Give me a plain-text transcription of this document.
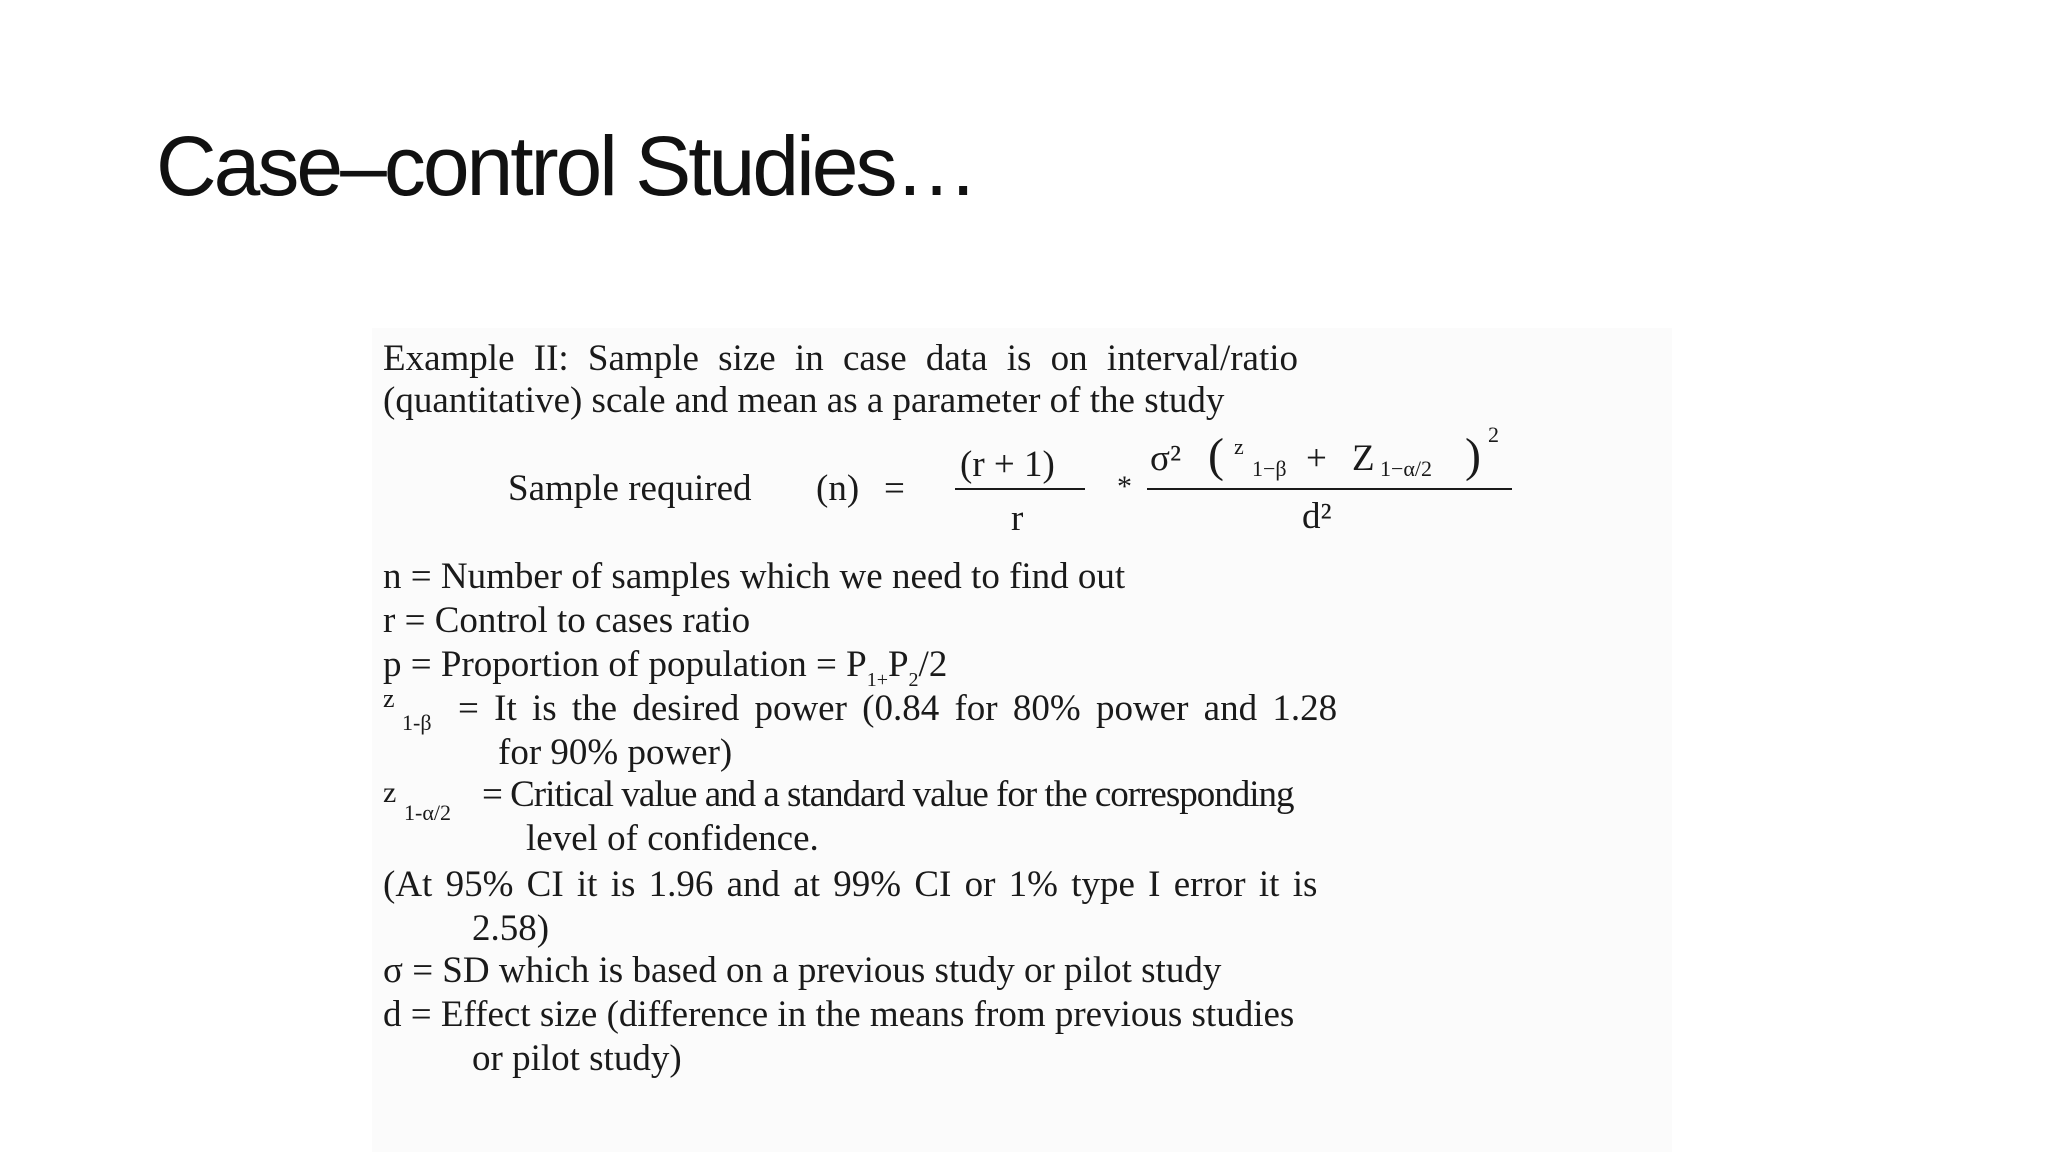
Case–control Studies…
Example II: Sample size in case data is on interval/ratio
(quantitative) scale and mean as a parameter of the study
Sample required (n) =
(r + 1)
r
*
σ² ( z
1−β + Z 1−α/2 ) 2
d²
n = Number of samples which we need to find out
r = Control to cases ratio
p = Proportion of population = $P_{1+}P_2/2$
z
1-β = It is the desired power (0.84 for 80% power and 1.28
for 90% power)
z
1-α/2 = Critical value and a standard value for the corresponding
level of confidence.
(At 95% CI it is 1.96 and at 99% CI or 1% type I error it is
2.58)
σ = SD which is based on a previous study or pilot study
d = Effect size (difference in the means from previous studies
or pilot study)
